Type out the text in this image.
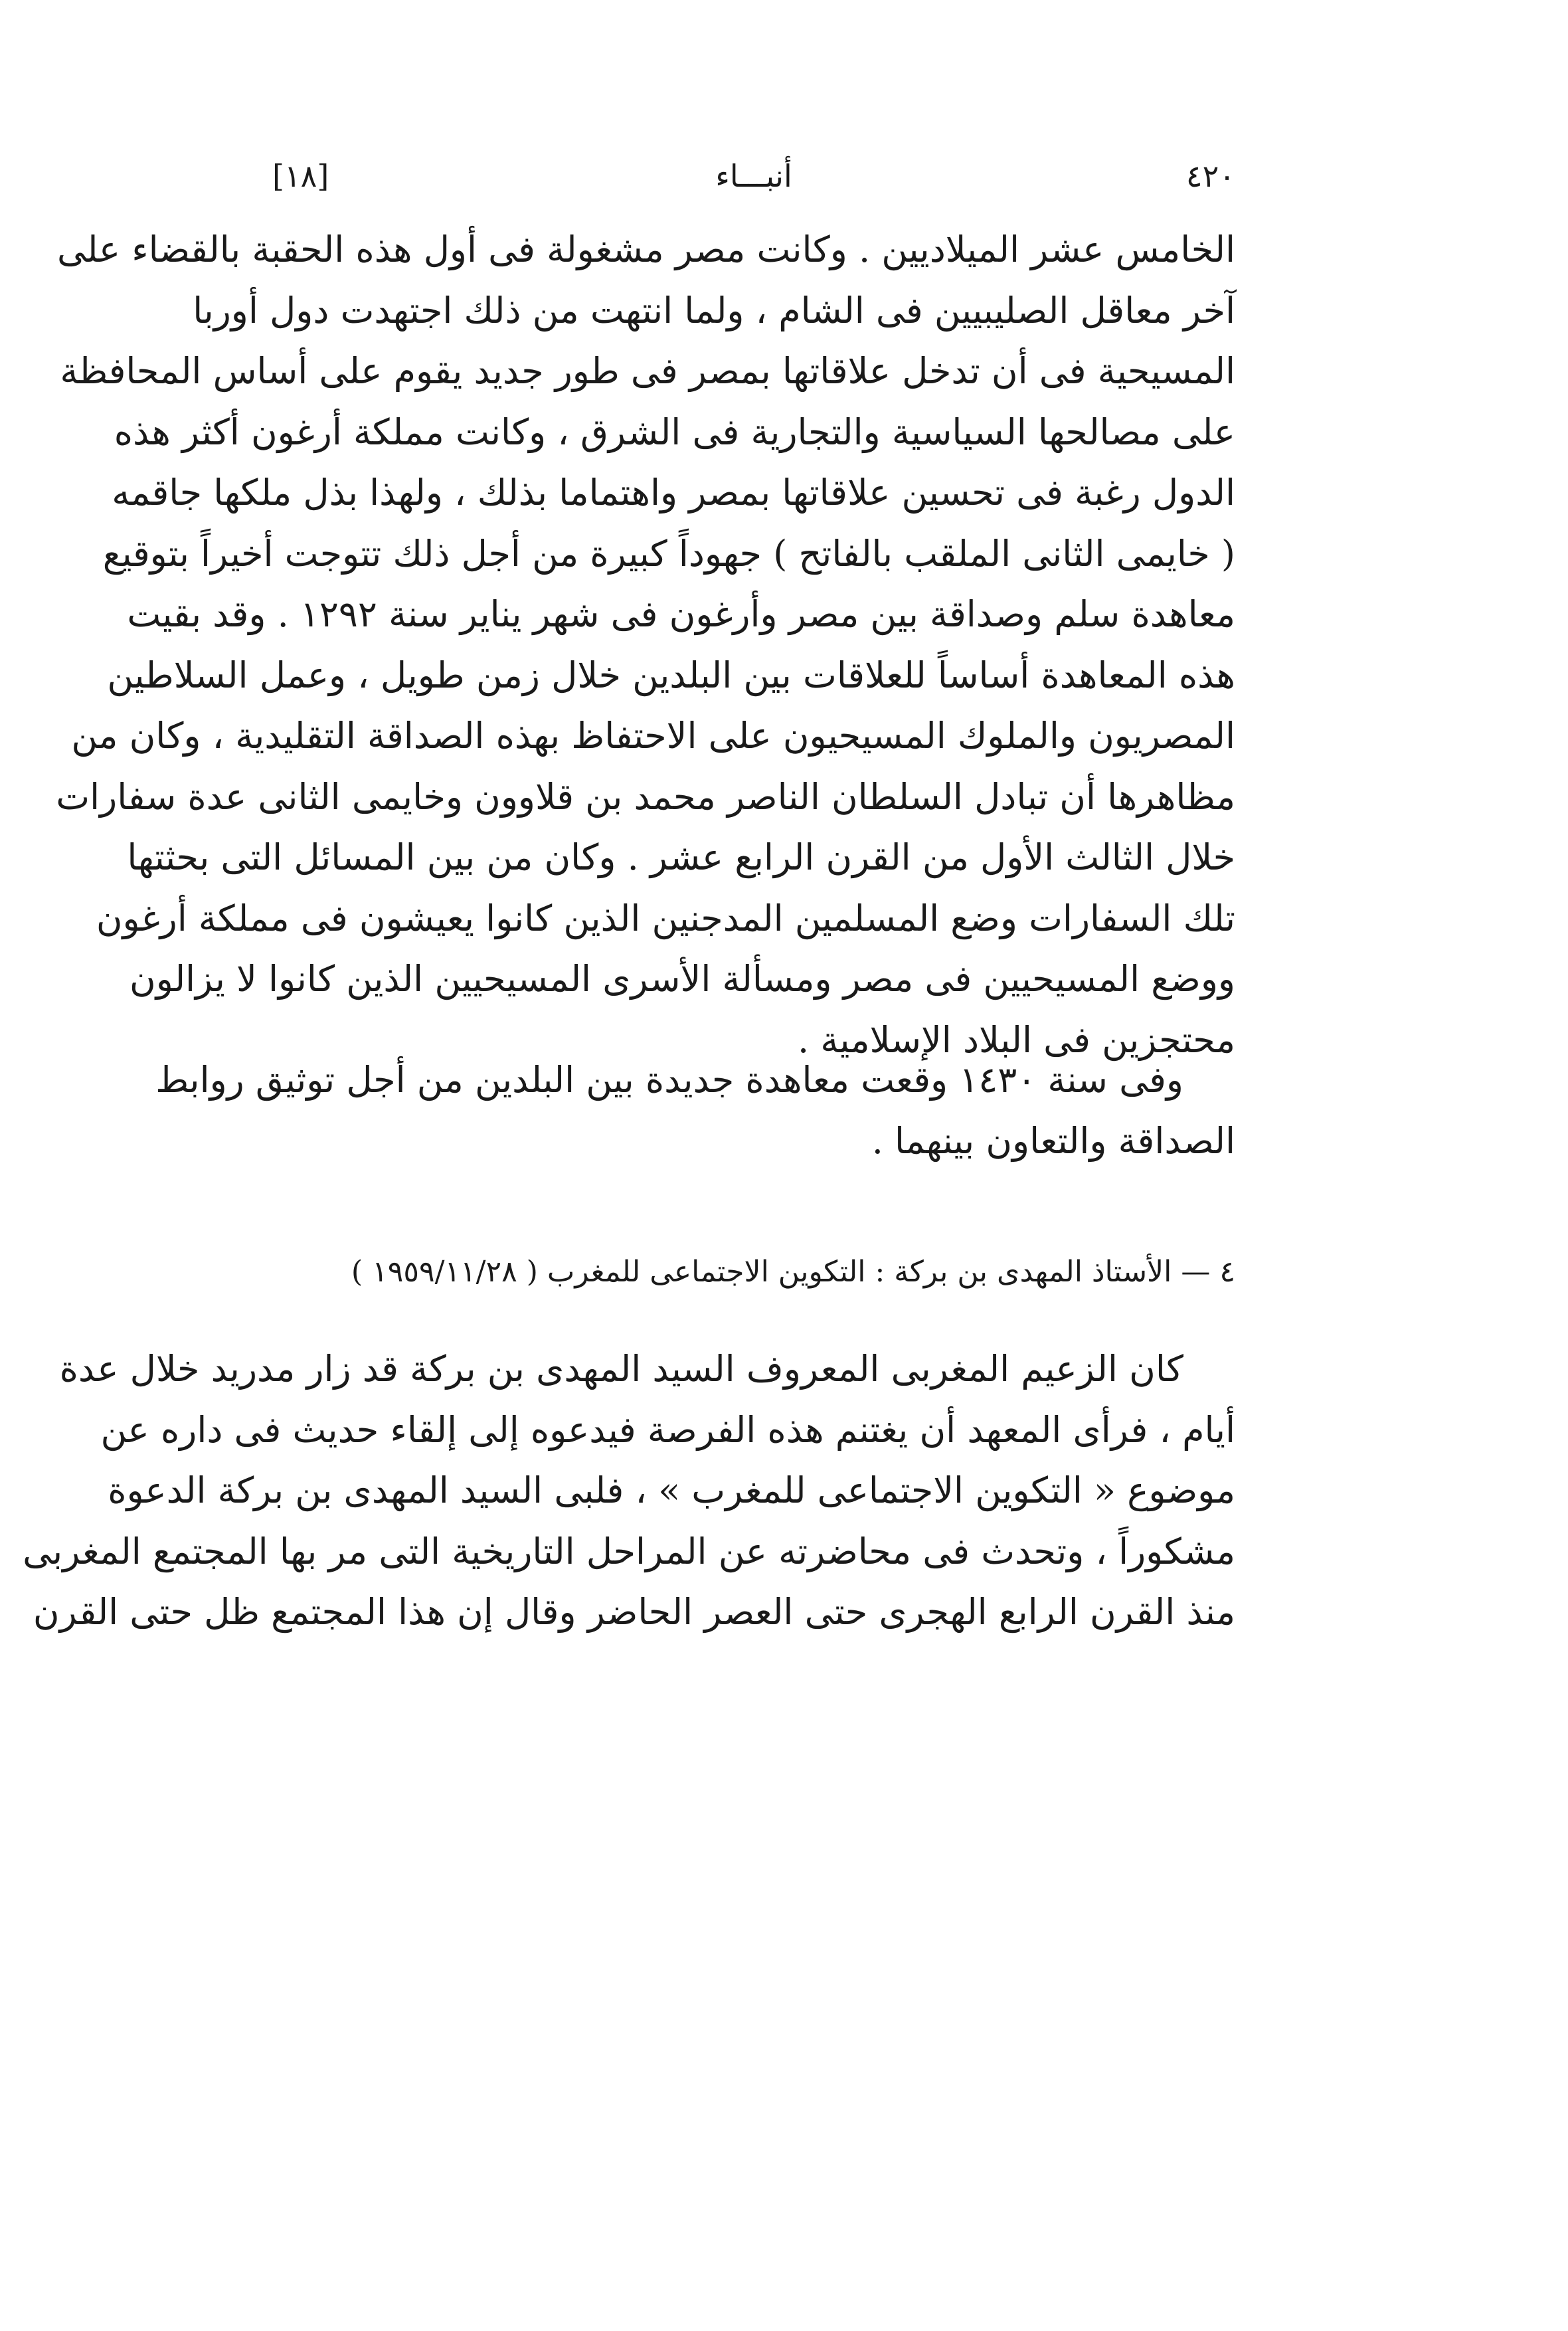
٤٢٠
أنبـــاء
[١٨]
الخامس عشر الميلاديين . وكانت مصر مشغولة فى أول هذه الحقبة بالقضاء على
آخر معاقل الصليبيين فى الشام ، ولما انتهت من ذلك اجتهدت دول أوربا
المسيحية فى أن تدخل علاقاتها بمصر فى طور جديد يقوم على أساس المحافظة
على مصالحها السياسية والتجارية فى الشرق ، وكانت مملكة أرغون أكثر هذه
الدول رغبة فى تحسين علاقاتها بمصر واهتماما بذلك ، ولهذا بذل ملكها جاقمه
( خايمى الثانى الملقب بالفاتح ) جهوداً كبيرة من أجل ذلك تتوجت أخيراً بتوقيع
معاهدة سلم وصداقة بين مصر وأرغون فى شهر يناير سنة ١٢٩٢ . وقد بقيت
هذه المعاهدة أساساً للعلاقات بين البلدين خلال زمن طويل ، وعمل السلاطين
المصريون والملوك المسيحيون على الاحتفاظ بهذه الصداقة التقليدية ، وكان من
مظاهرها أن تبادل السلطان الناصر محمد بن قلاوون وخايمى الثانى عدة سفارات
خلال الثالث الأول من القرن الرابع عشر . وكان من بين المسائل التى بحثتها
تلك السفارات وضع المسلمين المدجنين الذين كانوا يعيشون فى مملكة أرغون
ووضع المسيحيين فى مصر ومسألة الأسرى المسيحيين الذين كانوا لا يزالون
محتجزين فى البلاد الإسلامية .
وفى سنة ١٤٣٠ وقعت معاهدة جديدة بين البلدين من أجل توثيق روابط
الصداقة والتعاون بينهما .
٤ — الأستاذ المهدى بن بركة : التكوين الاجتماعى للمغرب ( ١٩٥٩/١١/٢٨ )
كان الزعيم المغربى المعروف السيد المهدى بن بركة قد زار مدريد خلال عدة
أيام ، فرأى المعهد أن يغتنم هذه الفرصة فيدعوه إلى إلقاء حديث فى داره عن
موضوع « التكوين الاجتماعى للمغرب » ، فلبى السيد المهدى بن بركة الدعوة
مشكوراً ، وتحدث فى محاضرته عن المراحل التاريخية التى مر بها المجتمع المغربى
منذ القرن الرابع الهجرى حتى العصر الحاضر وقال إن هذا المجتمع ظل حتى القرن
